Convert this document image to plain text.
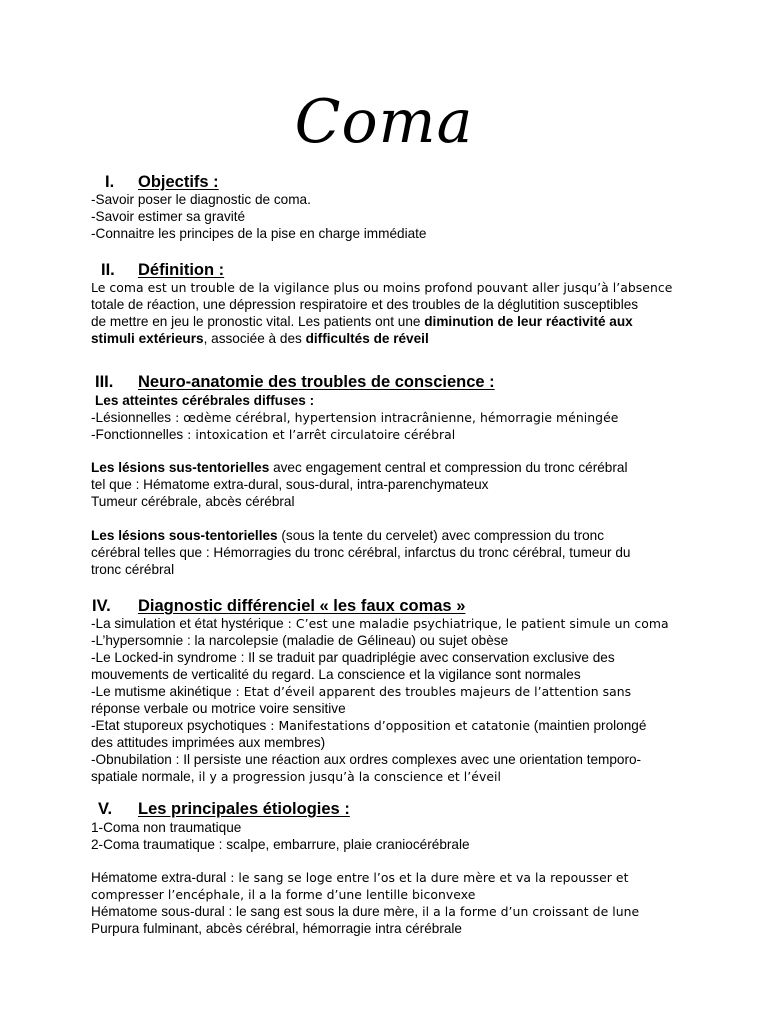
Coma
I. Objectifs :

-Savoir poser le diagnostic de coma.

-Savoir estimer sa gravité

-Connaitre les principes de la pise en charge immédiate

II. Définition :

Le coma est un trouble de la vigilance plus ou moins profond pouvant aller jusqu’à l’absence

totale de réaction, une dépression respiratoire et des troubles de la déglutition susceptibles

de mettre en jeu le pronostic vital. Les patients ont une diminution de leur réactivité aux

stimuli extérieurs, associée à des difficultés de réveil

III. Neuro-anatomie des troubles de conscience :

Les atteintes cérébrales diffuses :

-Lésionnelles : œdème cérébral, hypertension intracrânienne, hémorragie méningée

-Fonctionnelles : intoxication et l’arrêt circulatoire cérébral

Les lésions sus-tentorielles avec engagement central et compression du tronc cérébral

tel que : Hématome extra-dural, sous-dural, intra-parenchymateux

Tumeur cérébrale, abcès cérébral

Les lésions sous-tentorielles (sous la tente du cervelet) avec compression du tronc

cérébral telles que : Hémorragies du tronc cérébral, infarctus du tronc cérébral, tumeur du

tronc cérébral

IV. Diagnostic différenciel « les faux comas »

-La simulation et état hystérique : C’est une maladie psychiatrique, le patient simule un coma

-L’hypersomnie : la narcolepsie (maladie de Gélineau) ou sujet obèse

-Le Locked-in syndrome : Il se traduit par quadriplégie avec conservation exclusive des

mouvements de verticalité du regard. La conscience et la vigilance sont normales

-Le mutisme akinétique : Etat d’éveil apparent des troubles majeurs de l’attention sans

réponse verbale ou motrice voire sensitive

-Etat stuporeux psychotiques : Manifestations d’opposition et catatonie (maintien prolongé

des attitudes imprimées aux membres)

-Obnubilation : Il persiste une réaction aux ordres complexes avec une orientation temporo-

spatiale normale, il y a progression jusqu’à la conscience et l’éveil

V. Les principales étiologies :

1-Coma non traumatique

2-Coma traumatique : scalpe, embarrure, plaie craniocérébrale

Hématome extra-dural : le sang se loge entre l’os et la dure mère et va la repousser et

compresser l’encéphale, il a la forme d’une lentille biconvexe

Hématome sous-dural : le sang est sous la dure mère, il a la forme d’un croissant de lune

Purpura fulminant, abcès cérébral, hémorragie intra cérébrale
